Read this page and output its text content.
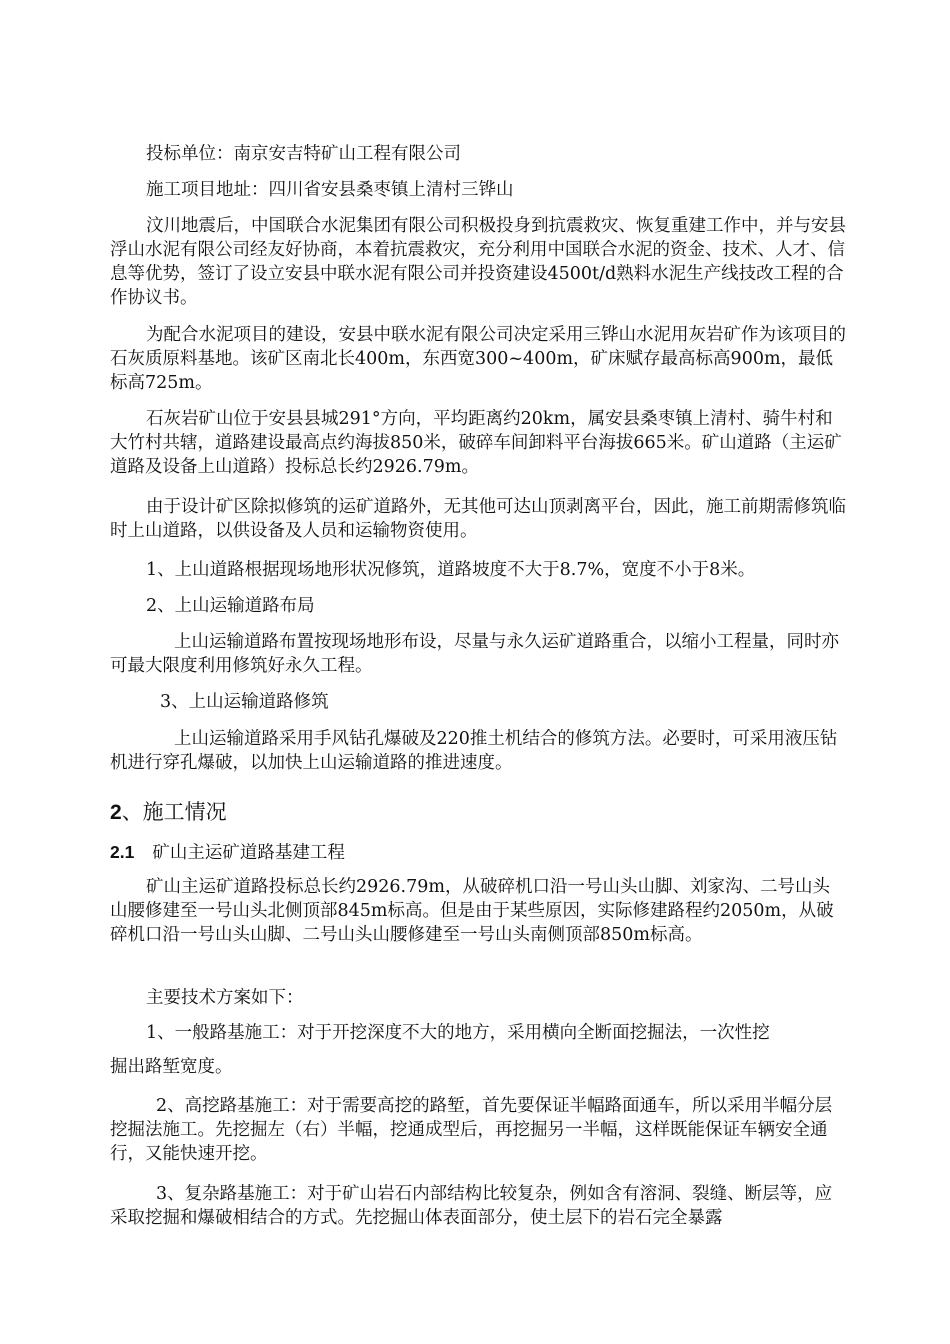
投标单位：南京安吉特矿山工程有限公司

施工项目地址：四川省安县桑枣镇上清村三铧山

汶川地震后，中国联合水泥集团有限公司积极投身到抗震救灾、恢复重建工作中，并与安县浮山水泥有限公司经友好协商，本着抗震救灾，充分利用中国联合水泥的资金、技术、人才、信息等优势，签订了设立安县中联水泥有限公司并投资建设4500t/d熟料水泥生产线技改工程的合作协议书。

为配合水泥项目的建设，安县中联水泥有限公司决定采用三铧山水泥用灰岩矿作为该项目的石灰质原料基地。该矿区南北长400m，东西宽300~400m，矿床赋存最高标高900m，最低标高725m。

石灰岩矿山位于安县县城291°方向，平均距离约20km，属安县桑枣镇上清村、骑牛村和大竹村共辖，道路建设最高点约海拔850米，破碎车间卸料平台海拔665米。矿山道路（主运矿道路及设备上山道路）投标总长约2926.79m。

由于设计矿区除拟修筑的运矿道路外，无其他可达山顶剥离平台，因此，施工前期需修筑临时上山道路，以供设备及人员和运输物资使用。

1、上山道路根据现场地形状况修筑，道路坡度不大于8.7%，宽度不小于8米。

2、上山运输道路布局

上山运输道路布置按现场地形布设，尽量与永久运矿道路重合，以缩小工程量，同时亦可最大限度利用修筑好永久工程。

3、上山运输道路修筑

上山运输道路采用手风钻孔爆破及220推土机结合的修筑方法。必要时，可采用液压钻机进行穿孔爆破，以加快上山运输道路的推进速度。

2、施工情况
2.1 矿山主运矿道路基建工程

矿山主运矿道路投标总长约2926.79m，从破碎机口沿一号山头山脚、刘家沟、二号山头山腰修建至一号山头北侧顶部845m标高。但是由于某些原因，实际修建路程约2050m，从破碎机口沿一号山头山脚、二号山头山腰修建至一号山头南侧顶部850m标高。

主要技术方案如下：

1、一般路基施工：对于开挖深度不大的地方，采用横向全断面挖掘法，一次性挖

掘出路堑宽度。

2、高挖路基施工：对于需要高挖的路堑，首先要保证半幅路面通车，所以采用半幅分层挖掘法施工。先挖掘左（右）半幅，挖通成型后，再挖掘另一半幅，这样既能保证车辆安全通行，又能快速开挖。

3、复杂路基施工：对于矿山岩石内部结构比较复杂，例如含有溶洞、裂缝、断层等，应采取挖掘和爆破相结合的方式。先挖掘山体表面部分，使土层下的岩石完全暴露
